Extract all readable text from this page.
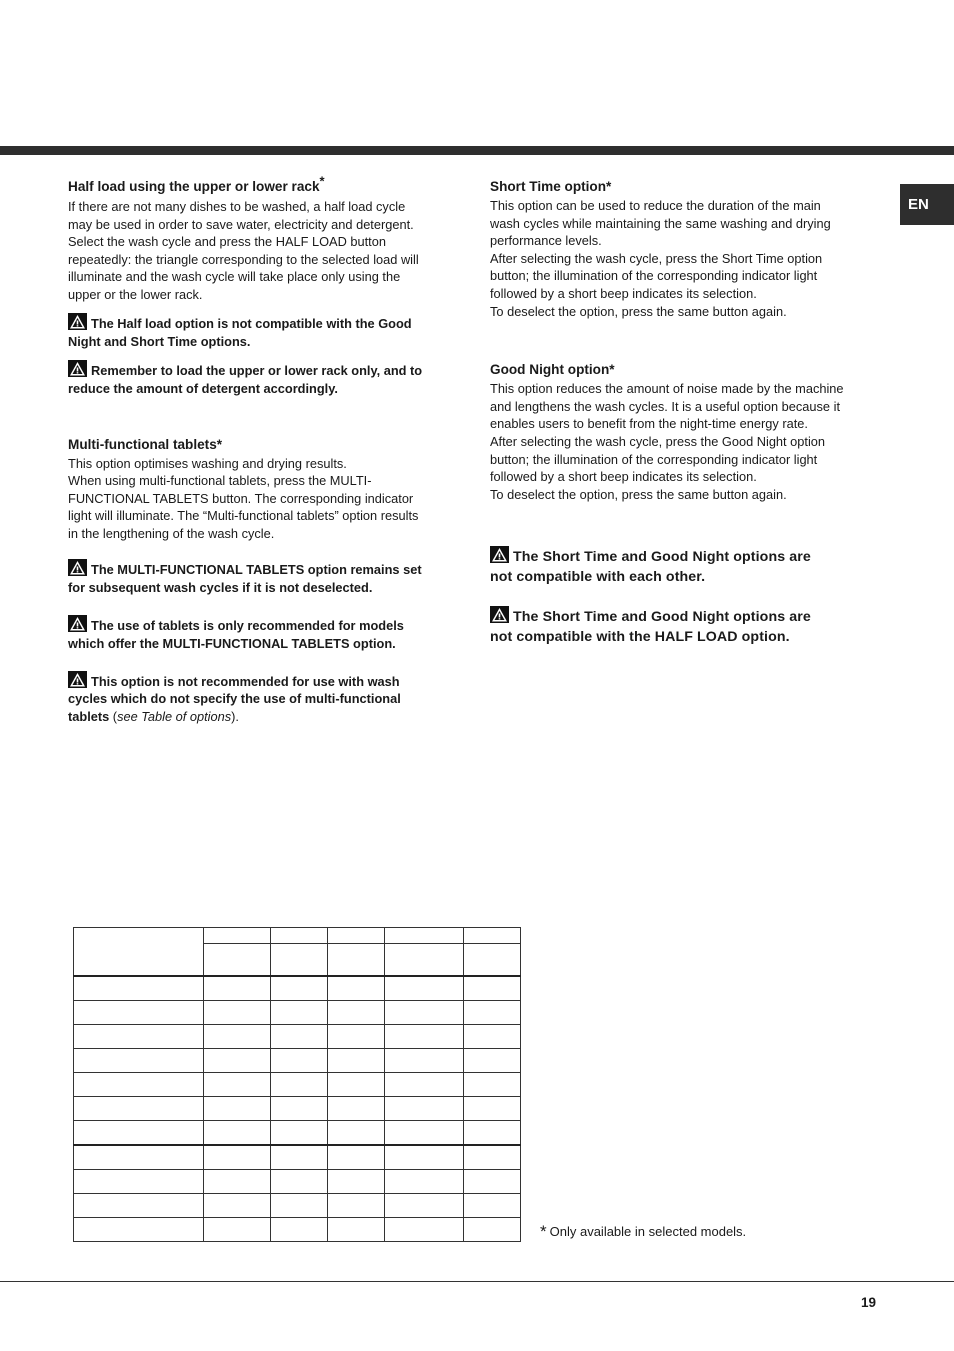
EN
Half load using the upper or lower rack*

If there are not many dishes to be washed, a half load cycle

may be used in order to save water, electricity and detergent.

Select the wash cycle and press the HALF LOAD button

repeatedly: the triangle corresponding to the selected load will

illuminate and the wash cycle will take place only using the

upper or the lower rack.

The Half load option is not compatible with the Good
Night and Short Time options.
Remember to load the upper or lower rack only, and to
reduce the amount of detergent accordingly.
Multi-functional tablets*

This option optimises washing and drying results.

When using multi-functional tablets, press the MULTI-

FUNCTIONAL TABLETS button. The corresponding indicator

light will illuminate. The “Multi-functional tablets” option results

in the lengthening of the wash cycle.

The MULTI-FUNCTIONAL TABLETS option remains set
for subsequent wash cycles if it is not deselected.
The use of tablets is only recommended for models
which offer the MULTI-FUNCTIONAL TABLETS option.
This option is not recommended for use with wash
cycles which do not specify the use of multi-functional
tablets (see Table of options).
Short Time option*

This option can be used to reduce the duration of the main

wash cycles while maintaining the same washing and drying

performance levels.

After selecting the wash cycle, press the Short Time option

button; the illumination of the corresponding indicator light

followed by a short beep indicates its selection.

To deselect the option, press the same button again.

Good Night option*

This option reduces the amount of noise made by the machine

and lengthens the wash cycles. It is a useful option because it

enables users to benefit from the night-time energy rate.

After selecting the wash cycle, press the Good Night option

button; the illumination of the corresponding indicator light

followed by a short beep indicates its selection.

To deselect the option, press the same button again.

The Short Time and Good Night options are
not compatible with each other.
The Short Time and Good Night options are
not compatible with the HALF LOAD option.

* Only available in selected models.
19
